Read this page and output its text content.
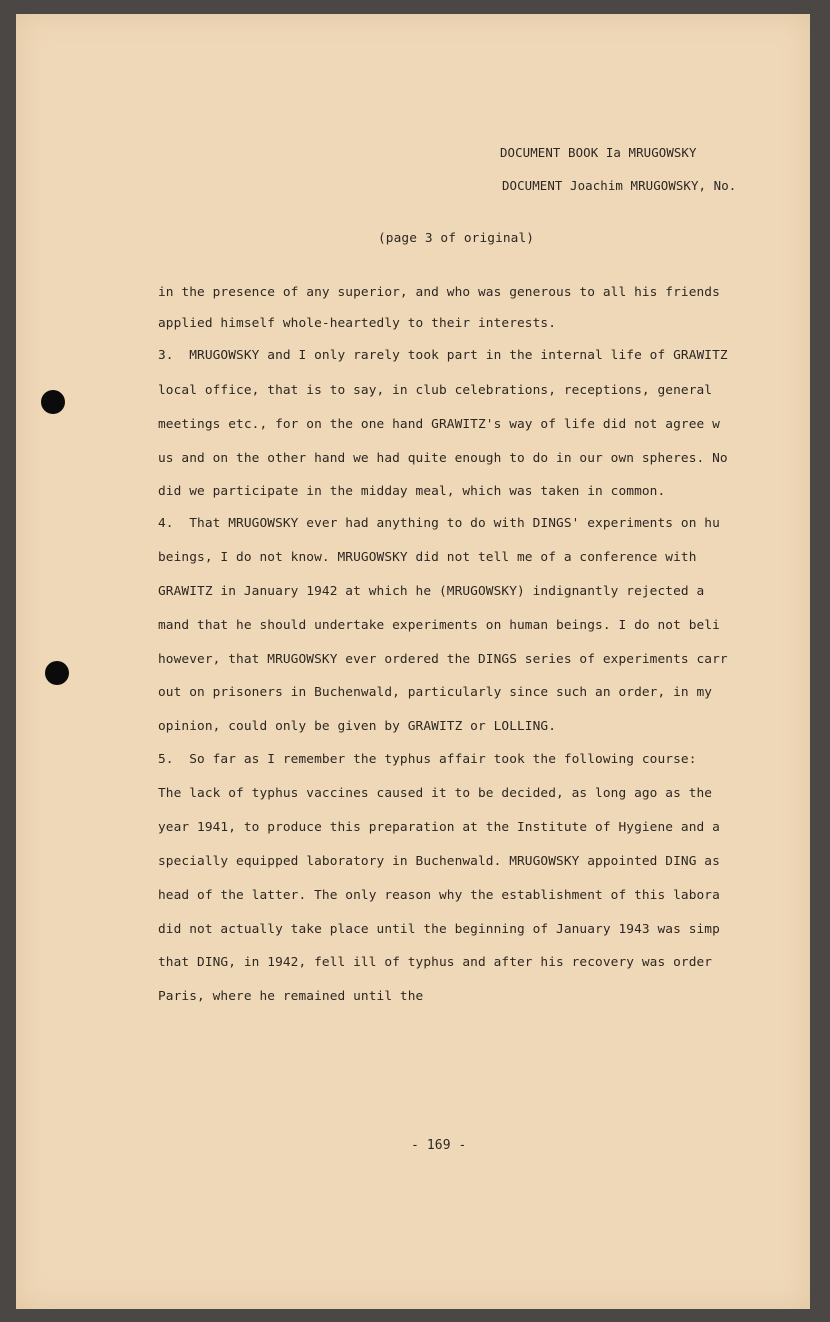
DOCUMENT BOOK Ia MRUGOWSKY
DOCUMENT Joachim MRUGOWSKY, No.
(page 3 of original)
in the presence of any superior, and who was generous to all his friends
applied himself whole-heartedly to their interests.
3.  MRUGOWSKY and I only rarely took part in the internal life of GRAWITZ
local office, that is to say, in club celebrations, receptions, general
meetings etc., for on the one hand GRAWITZ's way of life did not agree w
us and on the other hand we had quite enough to do in our own spheres. No
did we participate in the midday meal, which was taken in common.
4.  That MRUGOWSKY ever had anything to do with DINGS' experiments on hu
beings, I do not know. MRUGOWSKY did not tell me of a conference with
GRAWITZ in January 1942 at which he (MRUGOWSKY) indignantly rejected a
mand that he should undertake experiments on human beings. I do not beli
however, that MRUGOWSKY ever ordered the DINGS series of experiments carr
out on prisoners in Buchenwald, particularly since such an order, in my
opinion, could only be given by GRAWITZ or LOLLING.
5.  So far as I remember the typhus affair took the following course:
The lack of typhus vaccines caused it to be decided, as long ago as the
year 1941, to produce this preparation at the Institute of Hygiene and a
specially equipped laboratory in Buchenwald. MRUGOWSKY appointed DING as
head of the latter. The only reason why the establishment of this labora
did not actually take place until the beginning of January 1943 was simp
that DING, in 1942, fell ill of typhus and after his recovery was order
Paris, where he remained until the
- 169 -
